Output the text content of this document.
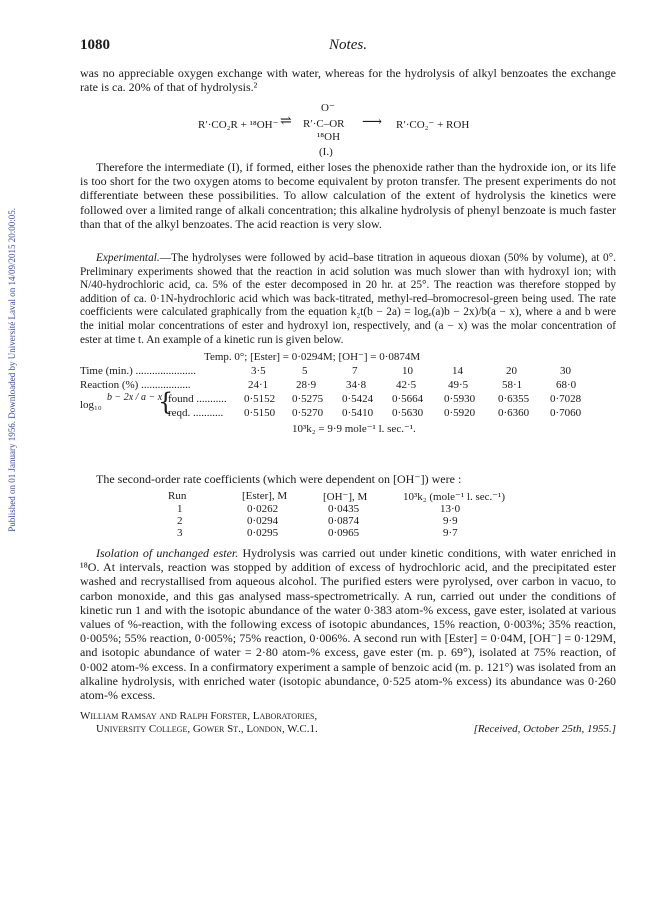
Published on 01 January 1956. Downloaded by Université Laval on 14/09/2015 20:00:05.
1080	Notes.

was no appreciable oxygen exchange with water, whereas for the hydrolysis of alkyl benzoates the exchange rate is ca. 20% of that of hydrolysis.²

R′·CO₂R + ¹⁸OH⁻ ⇌
O⁻
R′·C–OR
¹⁸OH
⟶ R′·CO₂⁻ + ROH
(I.)

Therefore the intermediate (I), if formed, either loses the phenoxide rather than the hydroxide ion, or its life is too short for the two oxygen atoms to become equivalent by proton transfer. The present experiments do not differentiate between these possibilities. To allow calculation of the extent of hydrolysis the kinetics were followed over a limited range of alkali concentration; this alkaline hydrolysis of phenyl benzoate is much faster than that of the alkyl benzoates. The acid reaction is very slow.

Experimental.—The hydrolyses were followed by acid–base titration in aqueous dioxan (50% by volume), at 0°. Preliminary experiments showed that the reaction in acid solution was much slower than with hydroxyl ion; with N/40-hydrochloric acid, ca. 5% of the ester decomposed in 20 hr. at 25°. The reaction was therefore stopped by addition of ca. 0·1N-hydrochloric acid which was back-titrated, methyl-red–bromocresol-green being used. The rate coefficients were calculated graphically from the equation k₂t(b − 2a) = logₑ(a)b − 2x)/b(a − x), where a and b were the initial molar concentrations of ester and hydroxyl ion, respectively, and (a − x) was the molar concentration of ester at time t. An example of a kinetic run is given below.

Temp. 0°; [Ester] = 0·0294M; [OH⁻] = 0·0874M
Time (min.) ......................	3·5	5	7	10	14	20	30
Reaction (%) ..................	24·1	28·9	34·8	42·5	49·5	58·1	68·0
log₁₀
b − 2x / a − x
{
found ........... 0·5152 0·5275 0·5424 0·5664 0·5930 0·6355 0·7028
reqd. ........... 0·5150 0·5270 0·5410 0·5630 0·5920 0·6360 0·7060
10³k₂ = 9·9 mole⁻¹ l. sec.⁻¹.

The second-order rate coefficients (which were dependent on [OH⁻]) were :

Run	[Ester], M	[OH⁻], M	10³k₂ (mole⁻¹ l. sec.⁻¹)
1	0·0262	0·0435	13·0
2	0·0294	0·0874	9·9
3	0·0295	0·0965	9·7

Isolation of unchanged ester. Hydrolysis was carried out under kinetic conditions, with water enriched in ¹⁸O. At intervals, reaction was stopped by addition of excess of hydrochloric acid, and the precipitated ester washed and recrystallised from aqueous alcohol. The purified esters were pyrolysed, over carbon in vacuo, to carbon monoxide, and this gas analysed mass-spectrometrically. A run, carried out under the conditions of kinetic run 1 and with the isotopic abundance of the water 0·383 atom-% excess, gave ester, isolated at various values of %-reaction, with the following excess of isotopic abundances, 15% reaction, 0·003%; 35% reaction, 0·005%; 55% reaction, 0·005%; 75% reaction, 0·006%. A second run with [Ester] = 0·04M, [OH⁻] = 0·129M, and isotopic abundance of water = 2·80 atom-% excess, gave ester (m. p. 69°), isolated at 75% reaction, of 0·002 atom-% excess. In a confirmatory experiment a sample of benzoic acid (m. p. 121°) was isolated from an alkaline hydrolysis, with enriched water (isotopic abundance, 0·525 atom-% excess) its abundance was 0·260 atom-% excess.

William Ramsay and Ralph Forster, Laboratories,
University College, Gower St., London, W.C.1.	[Received, October 25th, 1955.]
